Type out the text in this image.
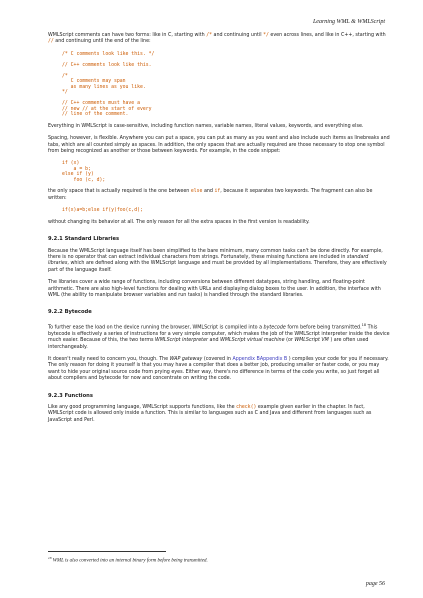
Learning WML & WMLScript

WMLScript comments can have two forms: like in C, starting with /* and continuing until */ even across lines, and like in C++, starting with // and continuing until the end of the line:

/* C comments look like this. */

// C++ comments look like this.

/*
C comments may span
as many lines as you like.
*/

// C++ comments must have a
// new // at the start of every
// line of the comment.

Everything in WMLScript is case-sensitive, including function names, variable names, literal values, keywords, and everything else.

Spacing, however, is flexible. Anywhere you can put a space, you can put as many as you want and also include such items as linebreaks and tabs, which are all counted simply as spaces. In addition, the only spaces that are actually required are those necessary to stop one symbol from being recognized as another or those between keywords. For example, in the code snippet:

if (x)
a = b;
else if (y)
foo (c, d);

the only space that is actually required is the one between else and if, because it separates two keywords. The fragment can also be written:

if(x)a=b;else if(y)foo(c,d);

without changing its behavior at all. The only reason for all the extra spaces in the first version is readability.

9.2.1 Standard Libraries

Because the WMLScript language itself has been simplified to the bare minimum, many common tasks can't be done directly. For example, there is no operator that can extract individual characters from strings. Fortunately, these missing functions are included in standard libraries, which are defined along with the WMLScript language and must be provided by all implementations. Therefore, they are effectively part of the language itself.

The libraries cover a wide range of functions, including conversions between different datatypes, string handling, and floating-point arithmetic. There are also high-level functions for dealing with URLs and displaying dialog boxes to the user. In addition, the interface with WML (the ability to manipulate browser variables and run tasks) is handled through the standard libraries.

9.2.2 Bytecode

To further ease the load on the device running the browser, WMLScript is compiled into a bytecode form before being transmitted.$^{18}$ This bytecode is effectively a series of instructions for a very simple computer, which makes the job of the WMLScript interpreter inside the device much easier. Because of this, the two terms WMLScript interpreter and WMLScript virtual machine (or WMLScript VM ) are often used interchangeably.

It doesn't really need to concern you, though. The WAP gateway (covered in Appendix BAppendix B ) compiles your code for you if necessary. The only reason for doing it yourself is that you may have a compiler that does a better job, producing smaller or faster code, or you may want to hide your original source code from prying eyes. Either way, there's no difference in terms of the code you write, so just forget all about compilers and bytecode for now and concentrate on writing the code.

9.2.3 Functions

Like any good programming language, WMLScript supports functions, like the check() example given earlier in the chapter. In fact, WMLScript code is allowed only inside a function. This is similar to languages such as C and Java and different from languages such as JavaScript and Perl.

$^{18}$ WML is also converted into an internal binary form before being transmitted.
page 56
